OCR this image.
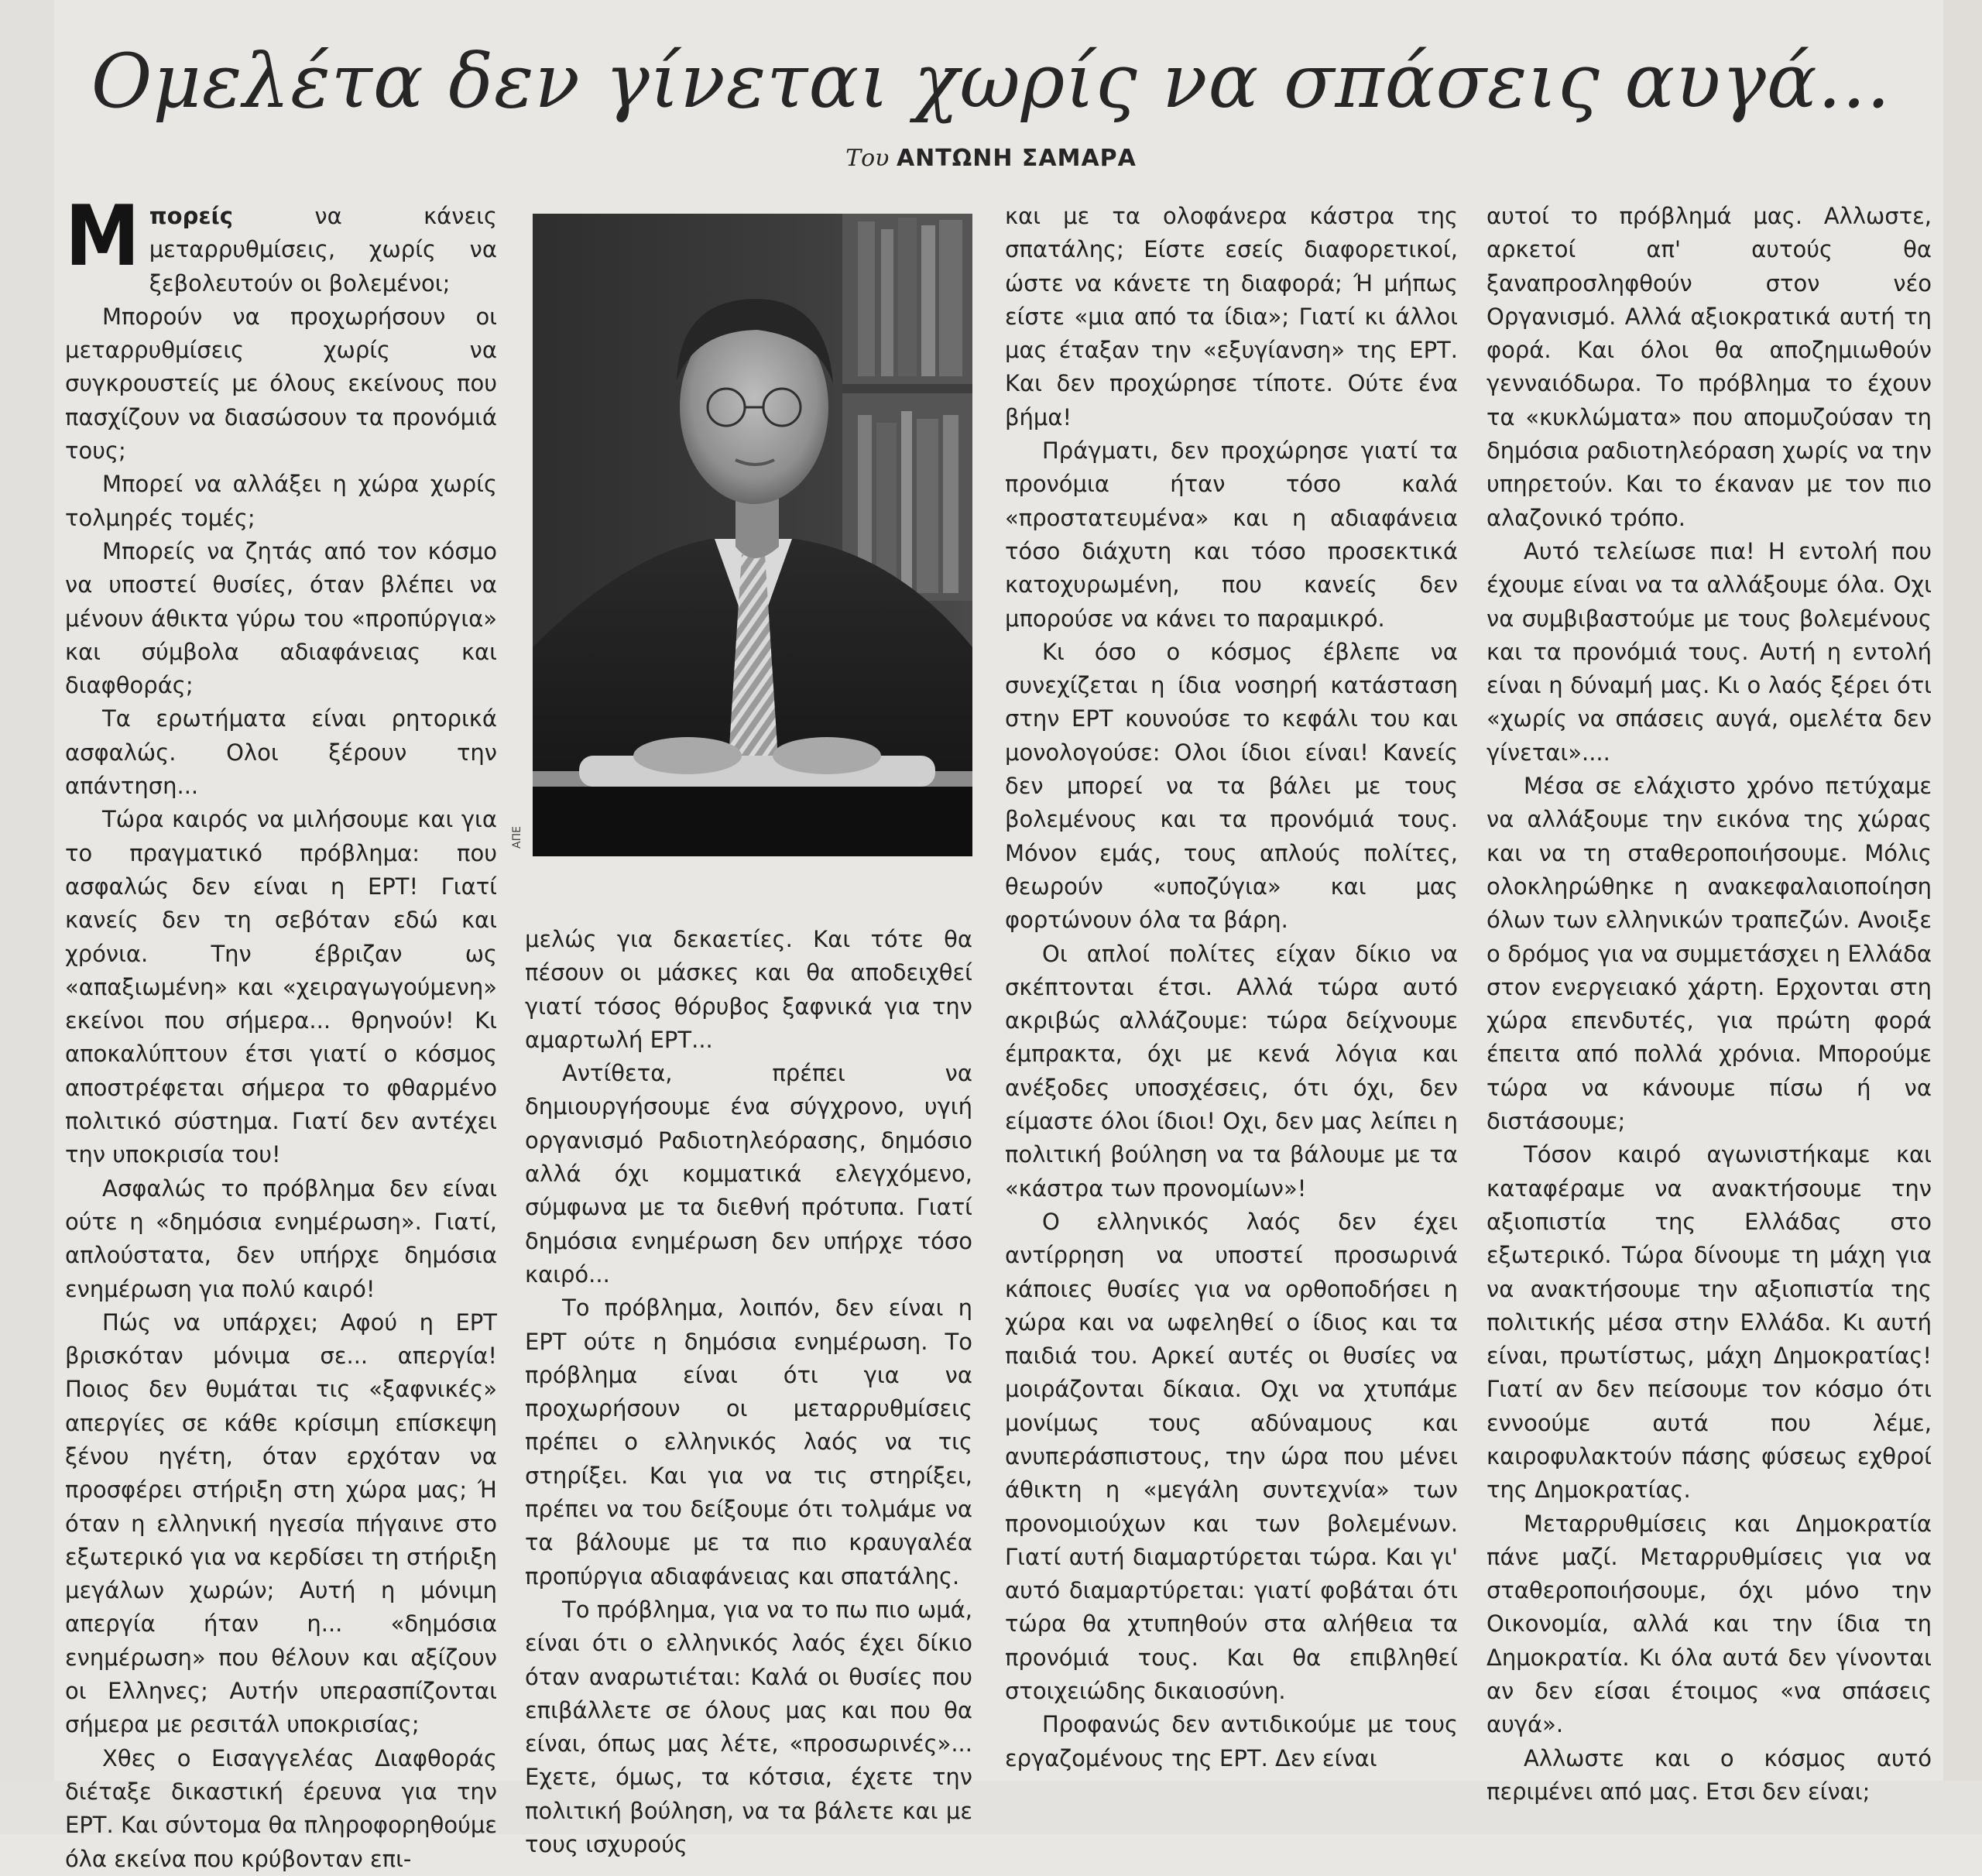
Ομελέτα δεν γίνεται χωρίς να σπάσεις αυγά...
Του ΑΝΤΩΝΗ ΣΑΜΑΡΑ

Μπορείς να κάνεις μεταρρυθμίσεις, χωρίς να ξεβολευτούν οι βολεμένοι;

Μπορούν να προχωρήσουν οι μεταρρυθμίσεις χωρίς να συγκρουστείς με όλους εκείνους που πασχίζουν να διασώσουν τα προνόμιά τους;

Μπορεί να αλλάξει η χώρα χωρίς τολμηρές τομές;

Μπορείς να ζητάς από τον κόσμο να υποστεί θυσίες, όταν βλέπει να μένουν άθικτα γύρω του «προπύργια» και σύμβολα αδιαφάνειας και διαφθοράς;

Τα ερωτήματα είναι ρητορικά ασφαλώς. Ολοι ξέρουν την απάντηση...

Τώρα καιρός να μιλήσουμε και για το πραγματικό πρόβλημα: που ασφαλώς δεν είναι η ΕΡΤ! Γιατί κανείς δεν τη σεβόταν εδώ και χρόνια. Την έβριζαν ως «απαξιωμένη» και «χειραγωγούμενη» εκείνοι που σήμερα... θρηνούν! Κι αποκαλύπτουν έτσι γιατί ο κόσμος αποστρέφεται σήμερα το φθαρμένο πολιτικό σύστημα. Γιατί δεν αντέχει την υποκρισία του!

Ασφαλώς το πρόβλημα δεν είναι ούτε η «δημόσια ενημέρωση». Γιατί, απλούστατα, δεν υπήρχε δημόσια ενημέρωση για πολύ καιρό!

Πώς να υπάρχει; Αφού η ΕΡΤ βρισκόταν μόνιμα σε... απεργία! Ποιος δεν θυμάται τις «ξαφνικές» απεργίες σε κάθε κρίσιμη επίσκεψη ξένου ηγέτη, όταν ερχόταν να προσφέρει στήριξη στη χώρα μας; Ή όταν η ελληνική ηγεσία πήγαινε στο εξωτερικό για να κερδίσει τη στήριξη μεγάλων χωρών; Αυτή η μόνιμη απεργία ήταν η... «δημόσια ενημέρωση» που θέλουν και αξίζουν οι Ελληνες; Αυτήν υπερασπίζονται σήμερα με ρεσιτάλ υποκρισίας;

Χθες ο Εισαγγελέας Διαφθοράς διέταξε δικαστική έρευνα για την ΕΡΤ. Και σύντομα θα πληροφορηθούμε όλα εκείνα που κρύβονταν επι-

ΑΠΕ

μελώς για δεκαετίες. Και τότε θα πέσουν οι μάσκες και θα αποδειχθεί γιατί τόσος θόρυβος ξαφνικά για την αμαρτωλή ΕΡΤ...

Αντίθετα, πρέπει να δημιουργήσουμε ένα σύγχρονο, υγιή οργανισμό Ραδιοτηλεόρασης, δημόσιο αλλά όχι κομματικά ελεγχόμενο, σύμφωνα με τα διεθνή πρότυπα. Γιατί δημόσια ενημέρωση δεν υπήρχε τόσο καιρό...

Το πρόβλημα, λοιπόν, δεν είναι η ΕΡΤ ούτε η δημόσια ενημέρωση. Το πρόβλημα είναι ότι για να προχωρήσουν οι μεταρρυθμίσεις πρέπει ο ελληνικός λαός να τις στηρίξει. Και για να τις στηρίξει, πρέπει να του δείξουμε ότι τολμάμε να τα βάλουμε με τα πιο κραυγαλέα προπύργια αδιαφάνειας και σπατάλης.

Το πρόβλημα, για να το πω πιο ωμά, είναι ότι ο ελληνικός λαός έχει δίκιο όταν αναρωτιέται: Καλά οι θυσίες που επιβάλλετε σε όλους μας και που θα είναι, όπως μας λέτε, «προσωρινές»... Εχετε, όμως, τα κότσια, έχετε την πολιτική βούληση, να τα βάλετε και με τους ισχυρούς

και με τα ολοφάνερα κάστρα της σπατάλης; Είστε εσείς διαφορετικοί, ώστε να κάνετε τη διαφορά; Ή μήπως είστε «μια από τα ίδια»; Γιατί κι άλλοι μας έταξαν την «εξυγίανση» της ΕΡΤ. Και δεν προχώρησε τίποτε. Ούτε ένα βήμα!

Πράγματι, δεν προχώρησε γιατί τα προνόμια ήταν τόσο καλά «προστατευμένα» και η αδιαφάνεια τόσο διάχυτη και τόσο προσεκτικά κατοχυρωμένη, που κανείς δεν μπορούσε να κάνει το παραμικρό.

Κι όσο ο κόσμος έβλεπε να συνεχίζεται η ίδια νοσηρή κατάσταση στην ΕΡΤ κουνούσε το κεφάλι του και μονολογούσε: Ολοι ίδιοι είναι! Κανείς δεν μπορεί να τα βάλει με τους βολεμένους και τα προνόμιά τους. Μόνον εμάς, τους απλούς πολίτες, θεωρούν «υποζύγια» και μας φορτώνουν όλα τα βάρη.

Οι απλοί πολίτες είχαν δίκιο να σκέπτονται έτσι. Αλλά τώρα αυτό ακριβώς αλλάζουμε: τώρα δείχνουμε έμπρακτα, όχι με κενά λόγια και ανέξοδες υποσχέσεις, ότι όχι, δεν είμαστε όλοι ίδιοι! Οχι, δεν μας λείπει η πολιτική βούληση να τα βάλουμε με τα «κάστρα των προνομίων»!

Ο ελληνικός λαός δεν έχει αντίρρηση να υποστεί προσωρινά κάποιες θυσίες για να ορθοποδήσει η χώρα και να ωφεληθεί ο ίδιος και τα παιδιά του. Αρκεί αυτές οι θυσίες να μοιράζονται δίκαια. Οχι να χτυπάμε μονίμως τους αδύναμους και ανυπεράσπιστους, την ώρα που μένει άθικτη η «μεγάλη συντεχνία» των προνομιούχων και των βολεμένων. Γιατί αυτή διαμαρτύρεται τώρα. Και γι' αυτό διαμαρτύρεται: γιατί φοβάται ότι τώρα θα χτυπηθούν στα αλήθεια τα προνόμιά τους. Και θα επιβληθεί στοιχειώδης δικαιοσύνη.

Προφανώς δεν αντιδικούμε με τους εργαζομένους της ΕΡΤ. Δεν είναι

αυτοί το πρόβλημά μας. Αλλωστε, αρκετοί απ' αυτούς θα ξαναπροσληφθούν στον νέο Οργανισμό. Αλλά αξιοκρατικά αυτή τη φορά. Και όλοι θα αποζημιωθούν γενναιόδωρα. Το πρόβλημα το έχουν τα «κυκλώματα» που απομυζούσαν τη δημόσια ραδιοτηλεόραση χωρίς να την υπηρετούν. Και το έκαναν με τον πιο αλαζονικό τρόπο.

Αυτό τελείωσε πια! Η εντολή που έχουμε είναι να τα αλλάξουμε όλα. Οχι να συμβιβαστούμε με τους βολεμένους και τα προνόμιά τους. Αυτή η εντολή είναι η δύναμή μας. Κι ο λαός ξέρει ότι «χωρίς να σπάσεις αυγά, ομελέτα δεν γίνεται»....

Μέσα σε ελάχιστο χρόνο πετύχαμε να αλλάξουμε την εικόνα της χώρας και να τη σταθεροποιήσουμε. Μόλις ολοκληρώθηκε η ανακεφαλαιοποίηση όλων των ελληνικών τραπεζών. Ανοιξε ο δρόμος για να συμμετάσχει η Ελλάδα στον ενεργειακό χάρτη. Ερχονται στη χώρα επενδυτές, για πρώτη φορά έπειτα από πολλά χρόνια. Μπορούμε τώρα να κάνουμε πίσω ή να διστάσουμε;

Τόσον καιρό αγωνιστήκαμε και καταφέραμε να ανακτήσουμε την αξιοπιστία της Ελλάδας στο εξωτερικό. Τώρα δίνουμε τη μάχη για να ανακτήσουμε την αξιοπιστία της πολιτικής μέσα στην Ελλάδα. Κι αυτή είναι, πρωτίστως, μάχη Δημοκρατίας! Γιατί αν δεν πείσουμε τον κόσμο ότι εννοούμε αυτά που λέμε, καιροφυλακτούν πάσης φύσεως εχθροί της Δημοκρατίας.

Μεταρρυθμίσεις και Δημοκρατία πάνε μαζί. Μεταρρυθμίσεις για να σταθεροποιήσουμε, όχι μόνο την Οικονομία, αλλά και την ίδια τη Δημοκρατία. Κι όλα αυτά δεν γίνονται αν δεν είσαι έτοιμος «να σπάσεις αυγά».

Αλλωστε και ο κόσμος αυτό περιμένει από μας. Ετσι δεν είναι;
